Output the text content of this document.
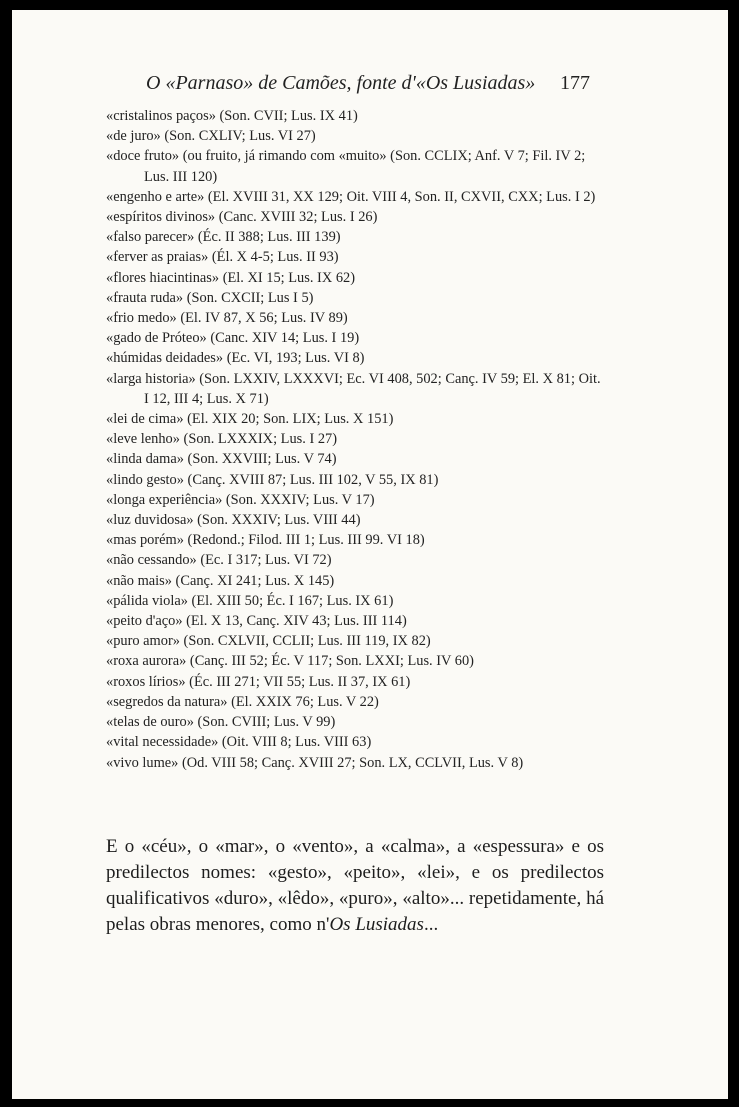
O «Parnaso» de Camões, fonte d'«Os Lusiadas» 177

«cristalinos paços» (Son. CVII; Lus. IX 41)

«de juro» (Son. CXLIV; Lus. VI 27)

«doce fruto» (ou fruito, já rimando com «muito» (Son. CCLIX; Anf. V 7; Fil. IV 2; Lus. III 120)

«engenho e arte» (El. XVIII 31, XX 129; Oit. VIII 4, Son. II, CXVII, CXX; Lus. I 2)

«espíritos divinos» (Canc. XVIII 32; Lus. I 26)

«falso parecer» (Éc. II 388; Lus. III 139)

«ferver as praias» (Él. X 4-5; Lus. II 93)

«flores hiacintinas» (El. XI 15; Lus. IX 62)

«frauta ruda» (Son. CXCII; Lus I 5)

«frio medo» (El. IV 87, X 56; Lus. IV 89)

«gado de Próteo» (Canc. XIV 14; Lus. I 19)

«húmidas deidades» (Ec. VI, 193; Lus. VI 8)

«larga historia» (Son. LXXIV, LXXXVI; Ec. VI 408, 502; Canç. IV 59; El. X 81; Oit. I 12, III 4; Lus. X 71)

«lei de cima» (El. XIX 20; Son. LIX; Lus. X 151)

«leve lenho» (Son. LXXXIX; Lus. I 27)

«linda dama» (Son. XXVIII; Lus. V 74)

«lindo gesto» (Canç. XVIII 87; Lus. III 102, V 55, IX 81)

«longa experiência» (Son. XXXIV; Lus. V 17)

«luz duvidosa» (Son. XXXIV; Lus. VIII 44)

«mas porém» (Redond.; Filod. III 1; Lus. III 99. VI 18)

«não cessando» (Ec. I 317; Lus. VI 72)

«não mais» (Canç. XI 241; Lus. X 145)

«pálida viola» (El. XIII 50; Éc. I 167; Lus. IX 61)

«peito d'aço» (El. X 13, Canç. XIV 43; Lus. III 114)

«puro amor» (Son. CXLVII, CCLII; Lus. III 119, IX 82)

«roxa aurora» (Canç. III 52; Éc. V 117; Son. LXXI; Lus. IV 60)

«roxos lírios» (Éc. III 271; VII 55; Lus. II 37, IX 61)

«segredos da natura» (El. XXIX 76; Lus. V 22)

«telas de ouro» (Son. CVIII; Lus. V 99)

«vital necessidade» (Oit. VIII 8; Lus. VIII 63)

«vivo lume» (Od. VIII 58; Canç. XVIII 27; Son. LX, CCLVII, Lus. V 8)

E o «céu», o «mar», o «vento», a «calma», a «espessura» e os predilectos nomes: «gesto», «peito», «lei», e os predilectos qualificativos «duro», «lêdo», «puro», «alto»... repetidamente, há pelas obras menores, como n'Os Lusiadas...
